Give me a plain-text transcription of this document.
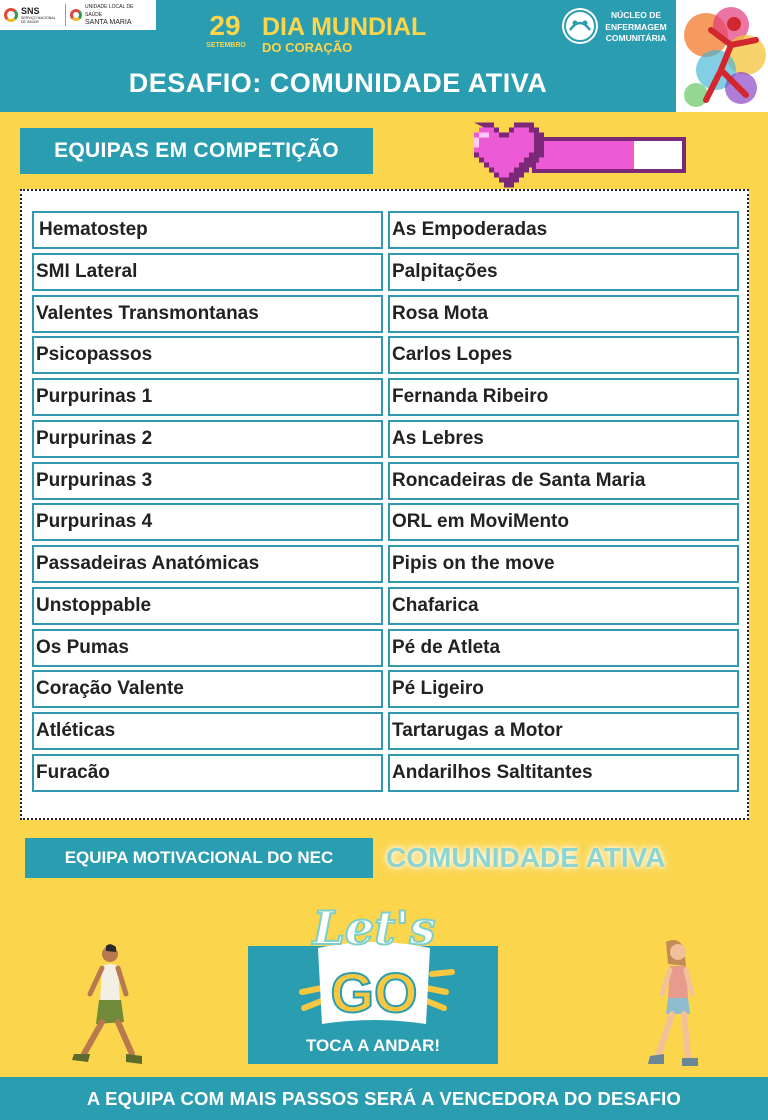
SNS
SERVIÇO NACIONAL DE SAÚDE
UNIDADE LOCAL DE SAÚDE
SANTA MARIA	29
SETEMBRO
DIA MUNDIAL
DO CORAÇÃO
DESAFIO: COMUNIDADE ATIVA
NÚCLEO DE
ENFERMAGEM
COMUNITÁRIA
EQUIPAS EM COMPETIÇÃO
Hematostep
SMI Lateral
Valentes Transmontanas
Psicopassos
Purpurinas 1
Purpurinas 2
Purpurinas 3
Purpurinas 4
Passadeiras Anatómicas
Unstoppable
Os Pumas
Coração Valente
Atléticas
Furacão
As Empoderadas
Palpitações
Rosa Mota
Carlos Lopes
Fernanda Ribeiro
As Lebres
Roncadeiras de Santa Maria
ORL em MoviMento
Pipis on the move
Chafarica
Pé de Atleta
Pé Ligeiro
Tartarugas a Motor
Andarilhos Saltitantes
EQUIPA MOTIVACIONAL DO NEC	COMUNIDADE ATIVA
Let's
GO
TOCA A ANDAR!
A EQUIPA COM MAIS PASSOS SERÁ A VENCEDORA DO DESAFIO
